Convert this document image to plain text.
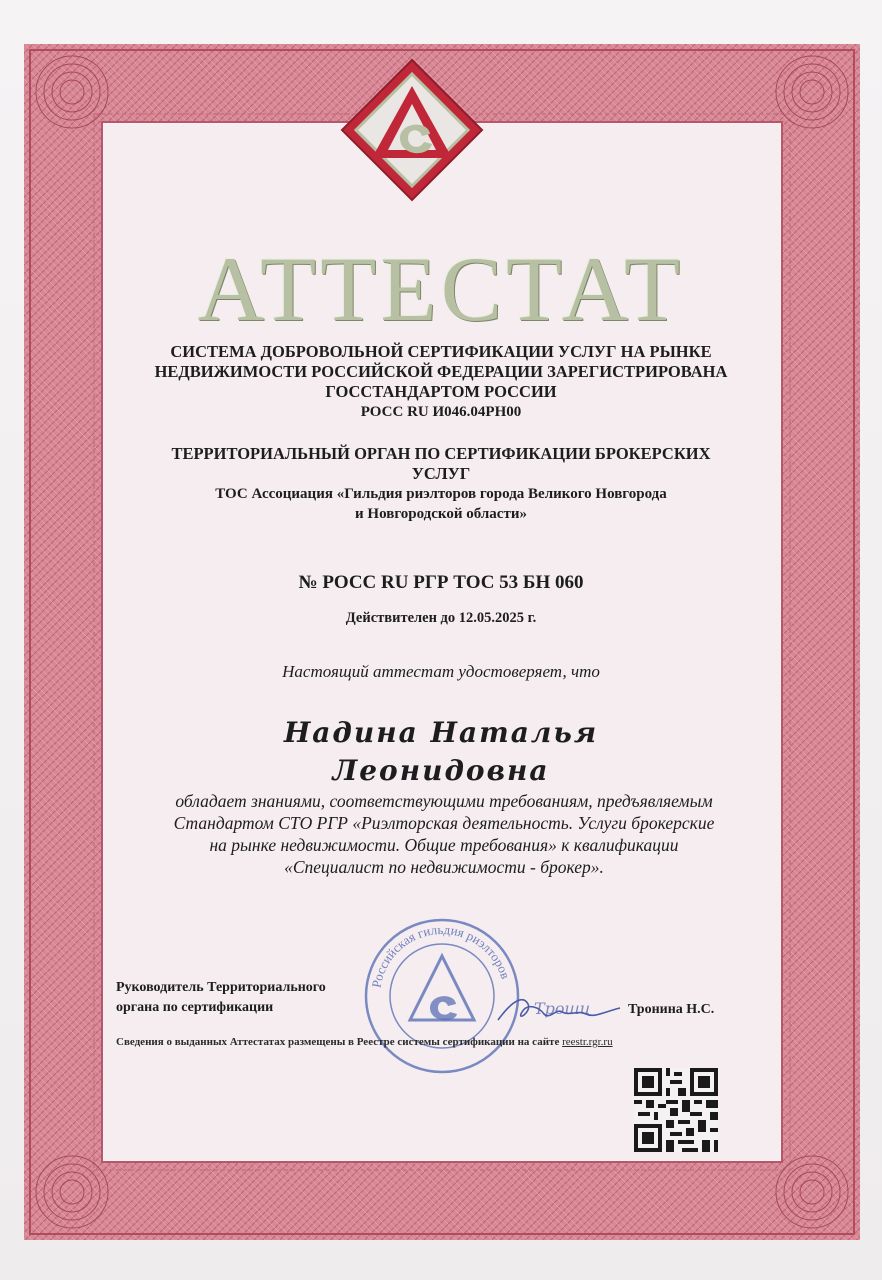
АТТЕСТАТ
СИСТЕМА ДОБРОВОЛЬНОЙ СЕРТИФИКАЦИИ УСЛУГ НА РЫНКЕ
НЕДВИЖИМОСТИ РОССИЙСКОЙ ФЕДЕРАЦИИ ЗАРЕГИСТРИРОВАНА
ГОССТАНДАРТОМ РОССИИ
РОСС RU И046.04РН00
ТЕРРИТОРИАЛЬНЫЙ ОРГАН ПО СЕРТИФИКАЦИИ БРОКЕРСКИХ
УСЛУГ
ТОС Ассоциация «Гильдия риэлторов города Великого Новгорода
и Новгородской области»
№ РОСС RU РГР ТОС 53 БН 060
Действителен до 12.05.2025 г.
Настоящий аттестат удостоверяет, что
Надина Наталья
Леонидовна
обладает знаниями, соответствующими требованиям, предъявляемым
Стандартом СТО РГР «Риэлторская деятельность. Услуги брокерские
на рынке недвижимости. Общие требования» к квалификации
«Специалист по недвижимости - брокер».
Российская гильдия риэлторов
Троши
Руководитель Территориального
органа по сертификации	Тронина Н.С.
Сведения о выданных Аттестатах размещены в Реестре системы сертификации на сайте reestr.rgr.ru
